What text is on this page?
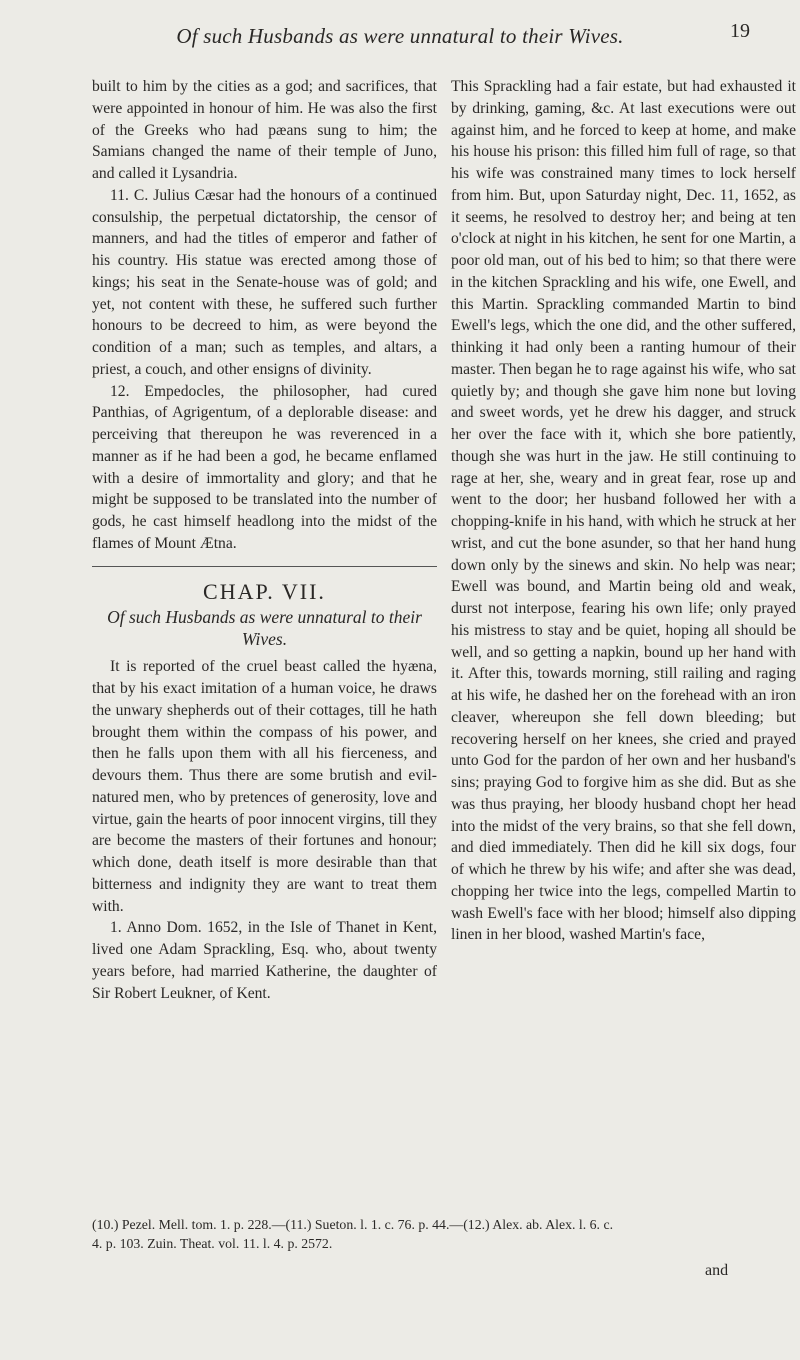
Of such Husbands as were unnatural to their Wives.	19

built to him by the cities as a god; and sacrifices, that were appointed in honour of him. He was also the first of the Greeks who had pæans sung to him; the Samians changed the name of their temple of Juno, and called it Lysandria.

11. C. Julius Cæsar had the honours of a continued consulship, the perpetual dictatorship, the censor of manners, and had the titles of emperor and father of his country. His statue was erected among those of kings; his seat in the Senate-house was of gold; and yet, not content with these, he suffered such further honours to be decreed to him, as were beyond the condition of a man; such as temples, and altars, a priest, a couch, and other ensigns of divinity.

12. Empedocles, the philosopher, had cured Panthias, of Agrigentum, of a deplorable disease: and perceiving that thereupon he was reverenced in a manner as if he had been a god, he became enflamed with a desire of immortality and glory; and that he might be supposed to be translated into the number of gods, he cast himself headlong into the midst of the flames of Mount Ætna.

CHAP. VII.
Of such Husbands as were unnatural to their Wives.

It is reported of the cruel beast called the hyæna, that by his exact imitation of a human voice, he draws the unwary shepherds out of their cottages, till he hath brought them within the compass of his power, and then he falls upon them with all his fierceness, and devours them. Thus there are some brutish and evil-natured men, who by pretences of generosity, love and virtue, gain the hearts of poor innocent virgins, till they are become the masters of their fortunes and honour; which done, death itself is more desirable than that bitterness and indignity they are want to treat them with.

1. Anno Dom. 1652, in the Isle of Thanet in Kent, lived one Adam Sprackling, Esq. who, about twenty years before, had married Katherine, the daughter of Sir Robert Leukner, of Kent.

This Sprackling had a fair estate, but had exhausted it by drinking, gaming, &c. At last executions were out against him, and he forced to keep at home, and make his house his prison: this filled him full of rage, so that his wife was constrained many times to lock herself from him. But, upon Saturday night, Dec. 11, 1652, as it seems, he resolved to destroy her; and being at ten o'clock at night in his kitchen, he sent for one Martin, a poor old man, out of his bed to him; so that there were in the kitchen Sprackling and his wife, one Ewell, and this Martin. Sprackling commanded Martin to bind Ewell's legs, which the one did, and the other suffered, thinking it had only been a ranting humour of their master. Then began he to rage against his wife, who sat quietly by; and though she gave him none but loving and sweet words, yet he drew his dagger, and struck her over the face with it, which she bore patiently, though she was hurt in the jaw. He still continuing to rage at her, she, weary and in great fear, rose up and went to the door; her husband followed her with a chopping-knife in his hand, with which he struck at her wrist, and cut the bone asunder, so that her hand hung down only by the sinews and skin. No help was near; Ewell was bound, and Martin being old and weak, durst not interpose, fearing his own life; only prayed his mistress to stay and be quiet, hoping all should be well, and so getting a napkin, bound up her hand with it. After this, towards morning, still railing and raging at his wife, he dashed her on the forehead with an iron cleaver, whereupon she fell down bleeding; but recovering herself on her knees, she cried and prayed unto God for the pardon of her own and her husband's sins; praying God to forgive him as she did. But as she was thus praying, her bloody husband chopt her head into the midst of the very brains, so that she fell down, and died immediately. Then did he kill six dogs, four of which he threw by his wife; and after she was dead, chopping her twice into the legs, compelled Martin to wash Ewell's face with her blood; himself also dipping linen in her blood, washed Martin's face,

(10.) Pezel. Mell. tom. 1. p. 228.—(11.) Sueton. l. 1. c. 76. p. 44.—(12.) Alex. ab. Alex. l. 6. c.
4. p. 103. Zuin. Theat. vol. 11. l. 4. p. 2572.
and
